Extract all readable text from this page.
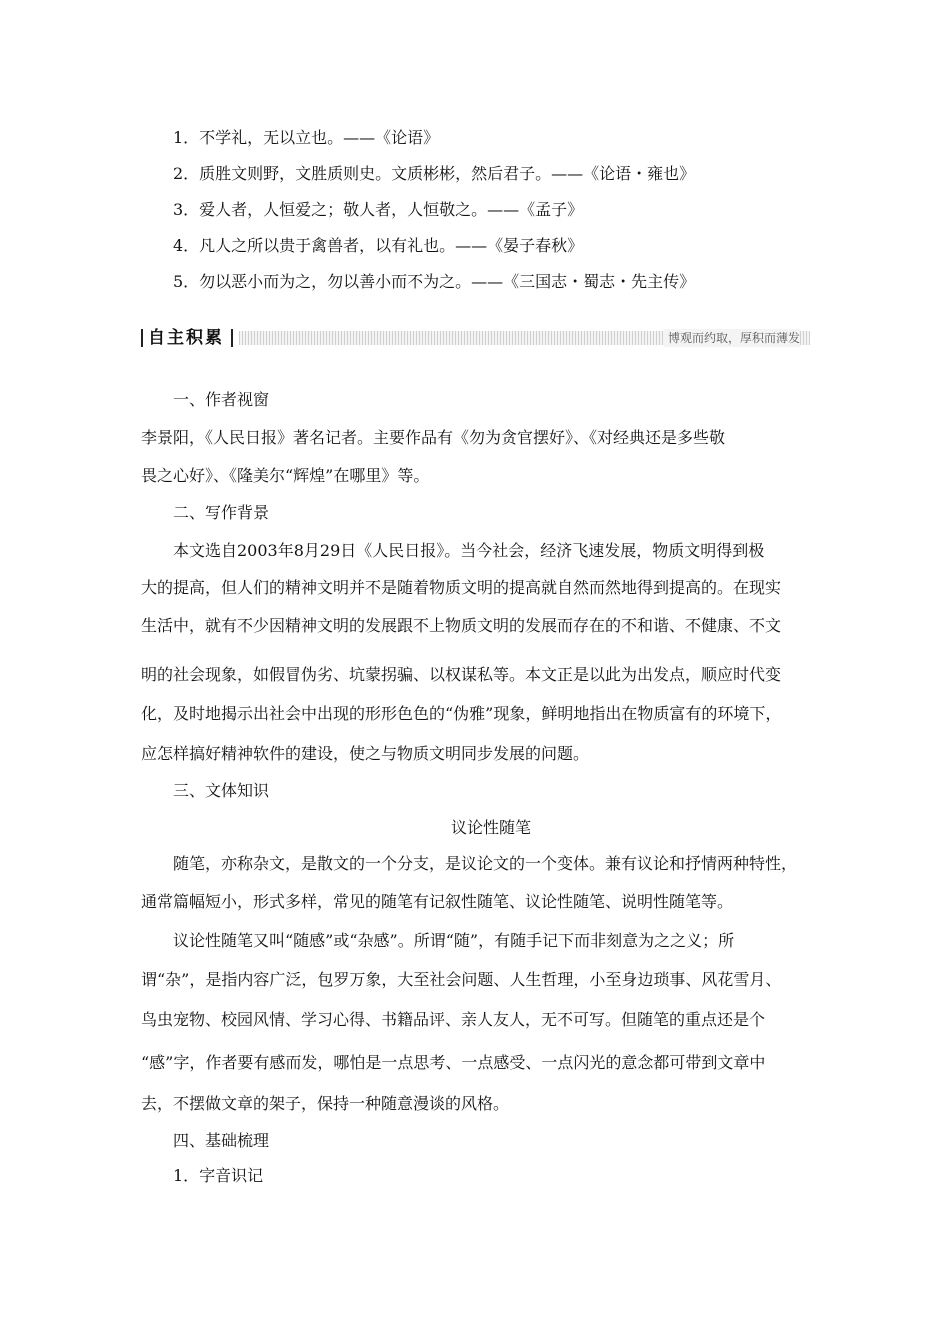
1．不学礼，无以立也。——《论语》
2．质胜文则野，文胜质则史。文质彬彬，然后君子。——《论语・雍也》
3．爱人者，人恒爱之；敬人者，人恒敬之。——《孟子》
4．凡人之所以贵于禽兽者，以有礼也。——《晏子春秋》
5．勿以恶小而为之，勿以善小而不为之。——《三国志・蜀志・先主传》
自主积累	博观而约取，厚积而薄发
一、作者视窗
李景阳，《人民日报》著名记者。主要作品有《勿为贪官摆好》、《对经典还是多些敬
畏之心好》、《隆美尔“辉煌”在哪里》等。
二、写作背景
本文选自2003年8月29日《人民日报》。当今社会，经济飞速发展，物质文明得到极
大的提高，但人们的精神文明并不是随着物质文明的提高就自然而然地得到提高的。在现实
生活中，就有不少因精神文明的发展跟不上物质文明的发展而存在的不和谐、不健康、不文
明的社会现象，如假冒伪劣、坑蒙拐骗、以权谋私等。本文正是以此为出发点，顺应时代变
化，及时地揭示出社会中出现的形形色色的“伪雅”现象，鲜明地指出在物质富有的环境下，
应怎样搞好精神软件的建设，使之与物质文明同步发展的问题。
三、文体知识
议论性随笔
随笔，亦称杂文，是散文的一个分支，是议论文的一个变体。兼有议论和抒情两种特性，
通常篇幅短小，形式多样，常见的随笔有记叙性随笔、议论性随笔、说明性随笔等。
议论性随笔又叫“随感”或“杂感”。所谓“随”，有随手记下而非刻意为之之义；所
谓“杂”，是指内容广泛，包罗万象，大至社会问题、人生哲理，小至身边琐事、风花雪月、
鸟虫宠物、校园风情、学习心得、书籍品评、亲人友人，无不可写。但随笔的重点还是个
“感”字，作者要有感而发，哪怕是一点思考、一点感受、一点闪光的意念都可带到文章中
去，不摆做文章的架子，保持一种随意漫谈的风格。
四、基础梳理
1．字音识记
